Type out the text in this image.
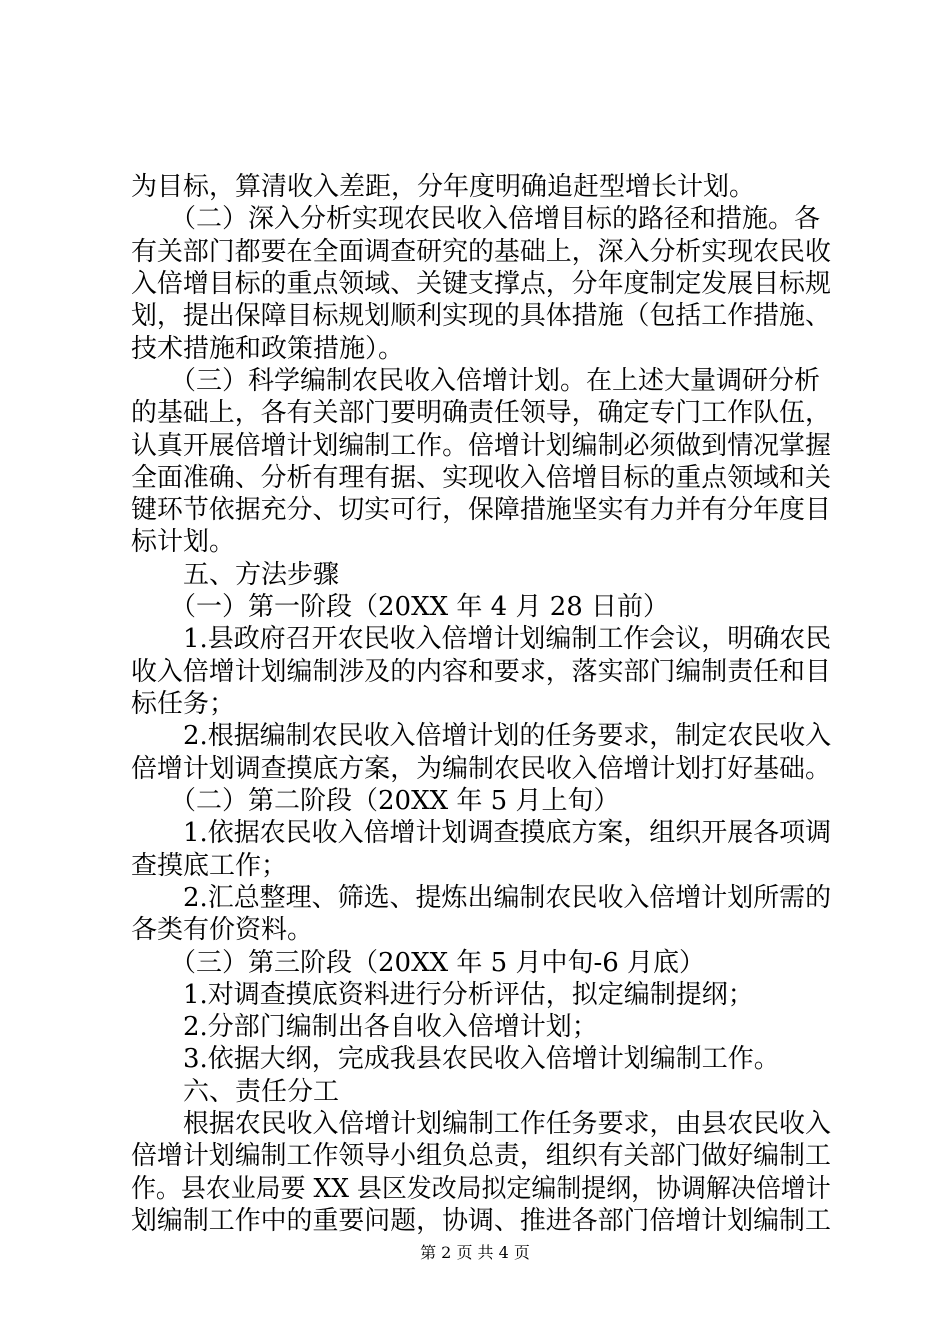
为目标，算清收入差距，分年度明确追赶型增长计划。
　　（二）深入分析实现农民收入倍增目标的路径和措施。各
有关部门都要在全面调查研究的基础上，深入分析实现农民收
入倍增目标的重点领域、关键支撑点，分年度制定发展目标规
划，提出保障目标规划顺利实现的具体措施（包括工作措施、
技术措施和政策措施）。
　　（三）科学编制农民收入倍增计划。在上述大量调研分析
的基础上，各有关部门要明确责任领导，确定专门工作队伍，
认真开展倍增计划编制工作。倍增计划编制必须做到情况掌握
全面准确、分析有理有据、实现收入倍增目标的重点领域和关
键环节依据充分、切实可行，保障措施坚实有力并有分年度目
标计划。
　　五、方法步骤
　　（一）第一阶段（20XX 年 4 月 28 日前）
　　1.县政府召开农民收入倍增计划编制工作会议，明确农民
收入倍增计划编制涉及的内容和要求，落实部门编制责任和目
标任务；
　　2.根据编制农民收入倍增计划的任务要求，制定农民收入
倍增计划调查摸底方案，为编制农民收入倍增计划打好基础。
　　（二）第二阶段（20XX 年 5 月上旬）
　　1.依据农民收入倍增计划调查摸底方案，组织开展各项调
查摸底工作；
　　2.汇总整理、筛选、提炼出编制农民收入倍增计划所需的
各类有价资料。
　　（三）第三阶段（20XX 年 5 月中旬-6 月底）
　　1.对调查摸底资料进行分析评估，拟定编制提纲；
　　2.分部门编制出各自收入倍增计划；
　　3.依据大纲，完成我县农民收入倍增计划编制工作。
　　六、责任分工
　　根据农民收入倍增计划编制工作任务要求，由县农民收入
倍增计划编制工作领导小组负总责，组织有关部门做好编制工
作。县农业局要 XX 县区发改局拟定编制提纲，协调解决倍增计
划编制工作中的重要问题，协调、推进各部门倍增计划编制工
第 2 页 共 4 页
